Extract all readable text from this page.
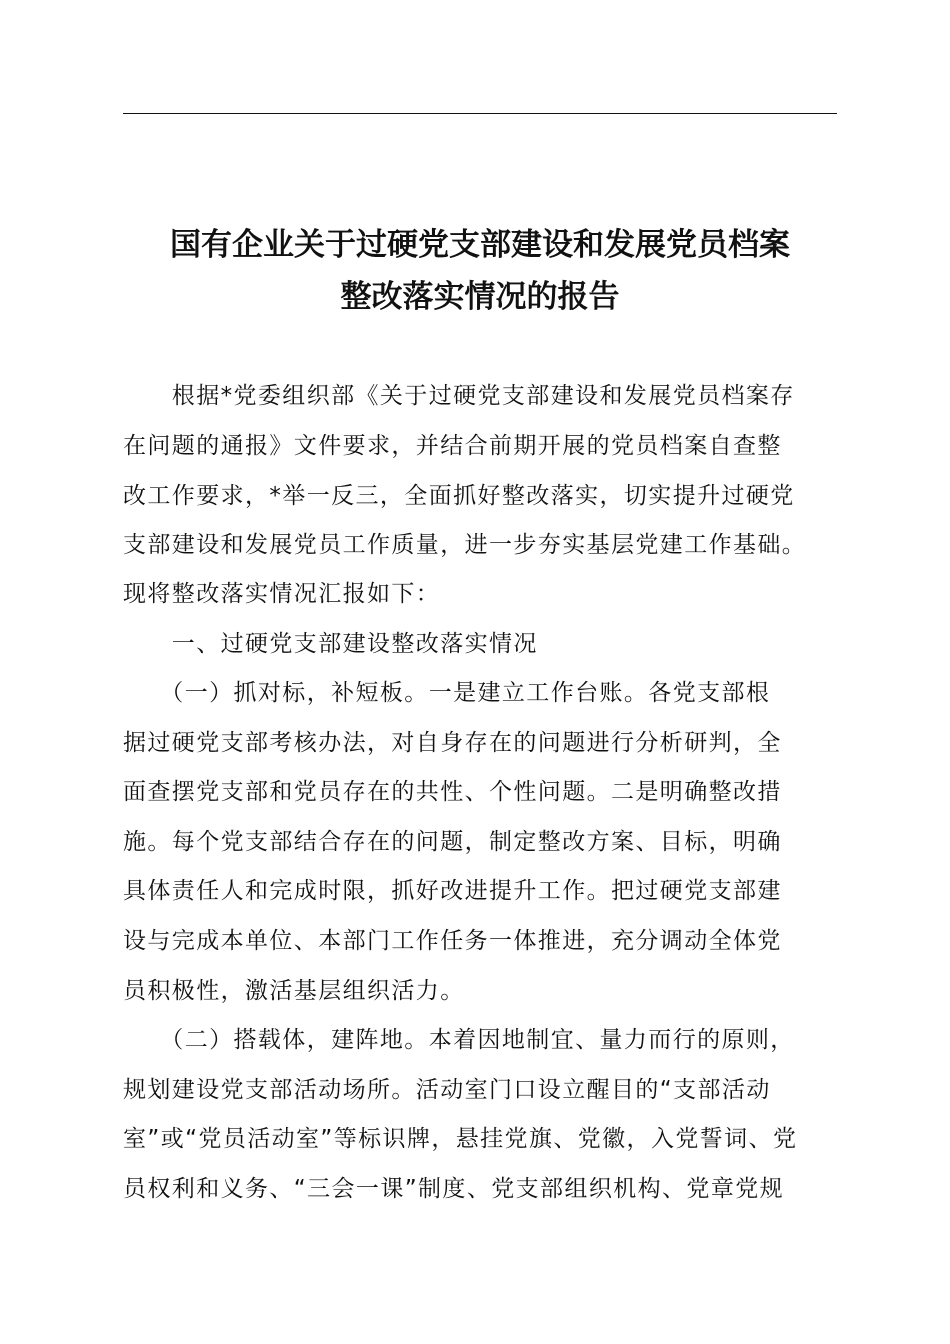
国有企业关于过硬党支部建设和发展党员档案
整改落实情况的报告
　　根据*党委组织部《关于过硬党支部建设和发展党员档案存
在问题的通报》文件要求，并结合前期开展的党员档案自查整
改工作要求，*举一反三，全面抓好整改落实，切实提升过硬党
支部建设和发展党员工作质量，进一步夯实基层党建工作基础。
现将整改落实情况汇报如下：
　　一、过硬党支部建设整改落实情况
　　（一）抓对标，补短板。一是建立工作台账。各党支部根
据过硬党支部考核办法，对自身存在的问题进行分析研判，全
面查摆党支部和党员存在的共性、个性问题。二是明确整改措
施。每个党支部结合存在的问题，制定整改方案、目标，明确
具体责任人和完成时限，抓好改进提升工作。把过硬党支部建
设与完成本单位、本部门工作任务一体推进，充分调动全体党
员积极性，激活基层组织活力。
　　（二）搭载体，建阵地。本着因地制宜、量力而行的原则，
规划建设党支部活动场所。活动室门口设立醒目的“支部活动
室”或“党员活动室”等标识牌，悬挂党旗、党徽，入党誓词、党
员权利和义务、“三会一课”制度、党支部组织机构、党章党规
